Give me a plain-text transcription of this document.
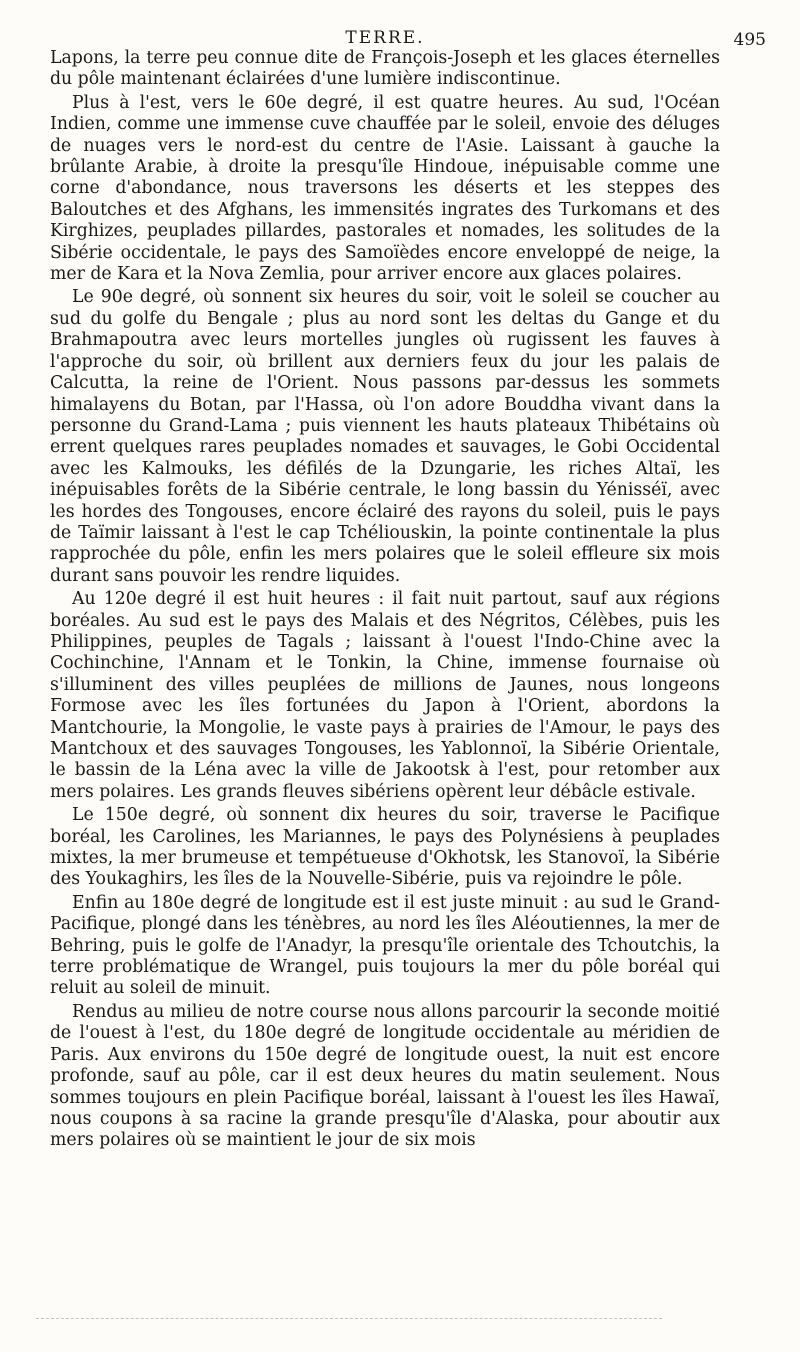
TERRE.	495

Lapons, la terre peu connue dite de François-Joseph et les glaces éternelles du pôle maintenant éclairées d'une lumière indiscontinue.

Plus à l'est, vers le 60e degré, il est quatre heures. Au sud, l'Océan Indien, comme une immense cuve chauffée par le soleil, envoie des déluges de nuages vers le nord-est du centre de l'Asie. Laissant à gauche la brûlante Arabie, à droite la presqu'île Hindoue, inépuisable comme une corne d'abondance, nous traversons les déserts et les steppes des Baloutches et des Afghans, les immensités ingrates des Turkomans et des Kirghizes, peuplades pillardes, pastorales et nomades, les solitudes de la Sibérie occidentale, le pays des Samoïèdes encore enveloppé de neige, la mer de Kara et la Nova Zemlia, pour arriver encore aux glaces polaires.

Le 90e degré, où sonnent six heures du soir, voit le soleil se coucher au sud du golfe du Bengale ; plus au nord sont les deltas du Gange et du Brahmapoutra avec leurs mortelles jungles où rugissent les fauves à l'approche du soir, où brillent aux derniers feux du jour les palais de Calcutta, la reine de l'Orient. Nous passons par-dessus les sommets himalayens du Botan, par l'Hassa, où l'on adore Bouddha vivant dans la personne du Grand-Lama ; puis viennent les hauts plateaux Thibétains où errent quelques rares peuplades nomades et sauvages, le Gobi Occidental avec les Kalmouks, les défilés de la Dzungarie, les riches Altaï, les inépuisables forêts de la Sibérie centrale, le long bassin du Yénisséï, avec les hordes des Tongouses, encore éclairé des rayons du soleil, puis le pays de Taïmir laissant à l'est le cap Tchéliouskin, la pointe continentale la plus rapprochée du pôle, enfin les mers polaires que le soleil effleure six mois durant sans pouvoir les rendre liquides.

Au 120e degré il est huit heures : il fait nuit partout, sauf aux régions boréales. Au sud est le pays des Malais et des Négritos, Célèbes, puis les Philippines, peuples de Tagals ; laissant à l'ouest l'Indo-Chine avec la Cochinchine, l'Annam et le Tonkin, la Chine, immense fournaise où s'illuminent des villes peuplées de millions de Jaunes, nous longeons Formose avec les îles fortunées du Japon à l'Orient, abordons la Mantchourie, la Mongolie, le vaste pays à prairies de l'Amour, le pays des Mantchoux et des sauvages Tongouses, les Yablonnoï, la Sibérie Orientale, le bassin de la Léna avec la ville de Jakootsk à l'est, pour retomber aux mers polaires. Les grands fleuves sibériens opèrent leur débâcle estivale.

Le 150e degré, où sonnent dix heures du soir, traverse le Pacifique boréal, les Carolines, les Mariannes, le pays des Polynésiens à peuplades mixtes, la mer brumeuse et tempétueuse d'Okhotsk, les Stanovoï, la Sibérie des Youkaghirs, les îles de la Nouvelle-Sibérie, puis va rejoindre le pôle.

Enfin au 180e degré de longitude est il est juste minuit : au sud le Grand-Pacifique, plongé dans les ténèbres, au nord les îles Aléoutiennes, la mer de Behring, puis le golfe de l'Anadyr, la presqu'île orientale des Tchoutchis, la terre problématique de Wrangel, puis toujours la mer du pôle boréal qui reluit au soleil de minuit.

Rendus au milieu de notre course nous allons parcourir la seconde moitié de l'ouest à l'est, du 180e degré de longitude occidentale au méridien de Paris. Aux environs du 150e degré de longitude ouest, la nuit est encore profonde, sauf au pôle, car il est deux heures du matin seulement. Nous sommes toujours en plein Pacifique boréal, laissant à l'ouest les îles Hawaï, nous coupons à sa racine la grande presqu'île d'Alaska, pour aboutir aux mers polaires où se maintient le jour de six mois
